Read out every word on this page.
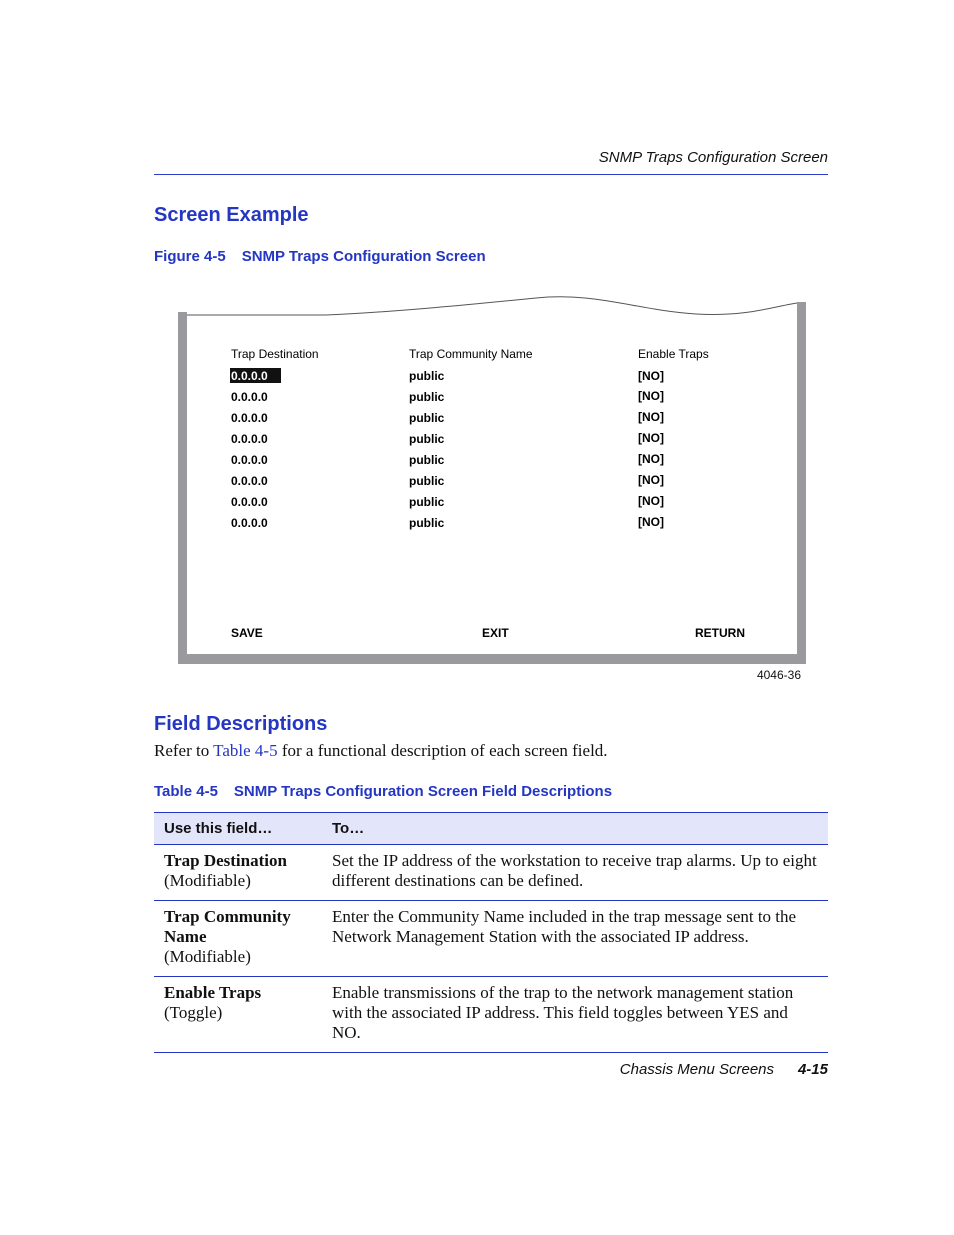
SNMP Traps Configuration Screen
Screen Example
Figure 4-5 SNMP Traps Configuration Screen
Trap Destination	Trap Community Name	Enable Traps
0.0.0.0	public	[NO]
0.0.0.0	public	[NO]
0.0.0.0	public	[NO]
0.0.0.0	public	[NO]
0.0.0.0	public	[NO]
0.0.0.0	public	[NO]
0.0.0.0	public	[NO]
0.0.0.0	public	[NO]
SAVE	EXIT	RETURN
4046-36
Field Descriptions
Refer to Table 4-5 for a functional description of each screen field.
Table 4-5 SNMP Traps Configuration Screen Field Descriptions
Use this field…	To…

Trap Destination
(Modifiable)	Set the IP address of the workstation to receive trap alarms. Up to eight different destinations can be defined.

Trap Community Name
(Modifiable)	Enter the Community Name included in the trap message sent to the Network Management Station with the associated IP address.

Enable Traps
(Toggle)	Enable transmissions of the trap to the network management station with the associated IP address. This field toggles between YES and NO.
Chassis Menu Screens	4-15
